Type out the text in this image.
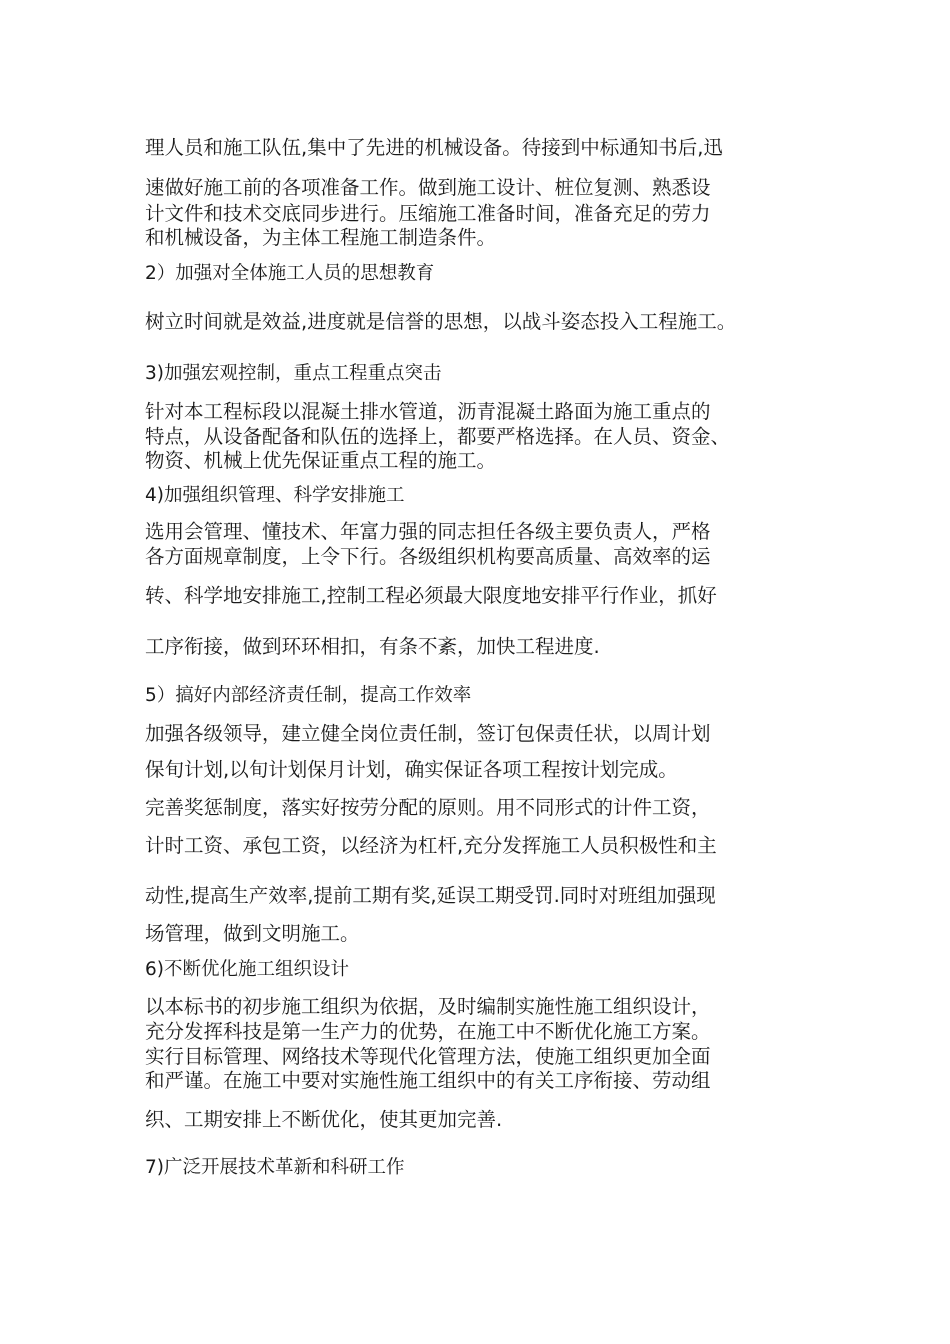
理人员和施工队伍,集中了先进的机械设备。待接到中标通知书后,迅
速做好施工前的各项准备工作。做到施工设计、桩位复测、熟悉设
计文件和技术交底同步进行。压缩施工准备时间，准备充足的劳力
和机械设备，为主体工程施工制造条件。
2）加强对全体施工人员的思想教育
树立时间就是效益,进度就是信誉的思想，以战斗姿态投入工程施工。
3)加强宏观控制，重点工程重点突击
针对本工程标段以混凝土排水管道，沥青混凝土路面为施工重点的
特点，从设备配备和队伍的选择上，都要严格选择。在人员、资金、
物资、机械上优先保证重点工程的施工。
4)加强组织管理、科学安排施工
选用会管理、懂技术、年富力强的同志担任各级主要负责人，严格
各方面规章制度，上令下行。各级组织机构要高质量、高效率的运
转、科学地安排施工,控制工程必须最大限度地安排平行作业，抓好
工序衔接，做到环环相扣，有条不紊，加快工程进度.
5）搞好内部经济责任制，提高工作效率
加强各级领导，建立健全岗位责任制，签订包保责任状，以周计划
保旬计划,以旬计划保月计划，确实保证各项工程按计划完成。
完善奖惩制度，落实好按劳分配的原则。用不同形式的计件工资，
计时工资、承包工资，以经济为杠杆,充分发挥施工人员积极性和主
动性,提高生产效率,提前工期有奖,延误工期受罚.同时对班组加强现
场管理，做到文明施工。
6)不断优化施工组织设计
以本标书的初步施工组织为依据，及时编制实施性施工组织设计，
充分发挥科技是第一生产力的优势，在施工中不断优化施工方案。
实行目标管理、网络技术等现代化管理方法，使施工组织更加全面
和严谨。在施工中要对实施性施工组织中的有关工序衔接、劳动组
织、工期安排上不断优化，使其更加完善.
7)广泛开展技术革新和科研工作
